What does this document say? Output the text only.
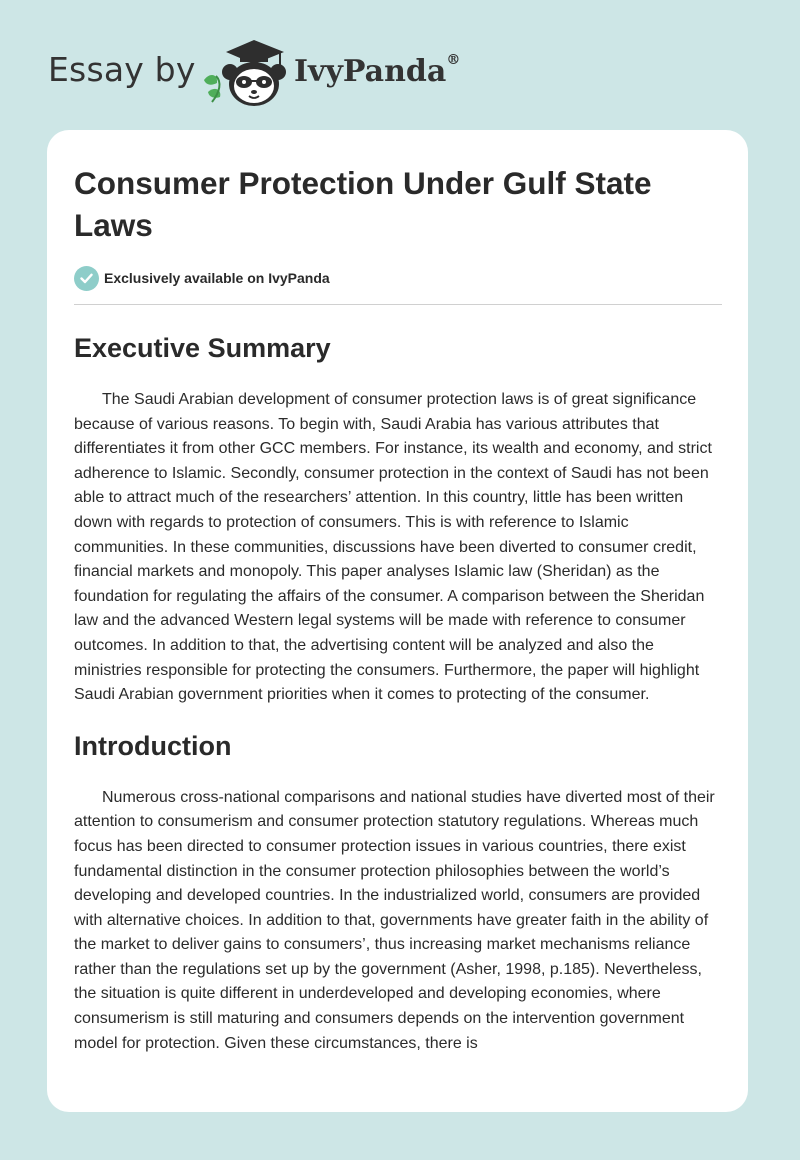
Essay by	IvyPanda®
Consumer Protection Under Gulf State Laws
Exclusively available on IvyPanda
Executive Summary

The Saudi Arabian development of consumer protection laws is of great significance because of various reasons. To begin with, Saudi Arabia has various attributes that differentiates it from other GCC members. For instance, its wealth and economy, and strict adherence to Islamic. Secondly, consumer protection in the context of Saudi has not been able to attract much of the researchers’ attention. In this country, little has been written down with regards to protection of consumers. This is with reference to Islamic communities. In these communities, discussions have been diverted to consumer credit, financial markets and monopoly. This paper analyses Islamic law (Sheridan) as the foundation for regulating the affairs of the consumer. A comparison between the Sheridan law and the advanced Western legal systems will be made with reference to consumer outcomes. In addition to that, the advertising content will be analyzed and also the ministries responsible for protecting the consumers. Furthermore, the paper will highlight Saudi Arabian government priorities when it comes to protecting of the consumer.

Introduction

Numerous cross-national comparisons and national studies have diverted most of their attention to consumerism and consumer protection statutory regulations. Whereas much focus has been directed to consumer protection issues in various countries, there exist fundamental distinction in the consumer protection philosophies between the world’s developing and developed countries. In the industrialized world, consumers are provided with alternative choices. In addition to that, governments have greater faith in the ability of the market to deliver gains to consumers’, thus increasing market mechanisms reliance rather than the regulations set up by the government (Asher, 1998, p.185). Nevertheless, the situation is quite different in underdeveloped and developing economies, where consumerism is still maturing and consumers depends on the intervention government model for protection. Given these circumstances, there is
